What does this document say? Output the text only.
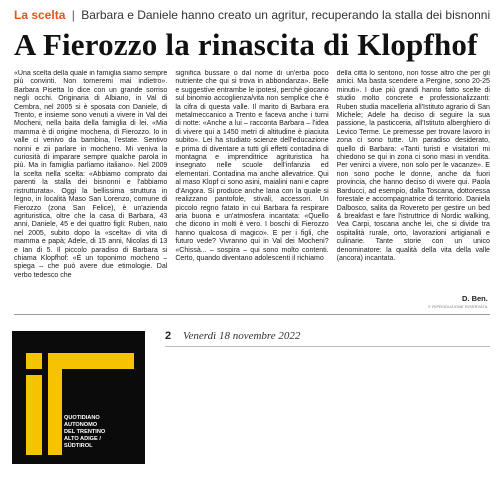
La scelta | Barbara e Daniele hanno creato un agritur, recuperando la stalla dei bisnonni
A Fierozzo la rinascita di Klopfhof
«Una scelta della quale in famiglia siamo sempre più convinti. Non torneremi mai indietro». Barbara Pisetta lo dice con un grande sorriso negli occhi. Originaria di Albiano, in Val di Cembra, nel 2005 si è sposata con Daniele, di Trento, e insieme sono venuti a vivere in Val dei Mocheni, nella baita della famiglia di lei. «Mia mamma è di origine mochena, di Fierozzo. Io in valle ci venivo da bambina, l'estate. Sentivo nonni e zii parlare in mocheno. Mi veniva la curiosità di imparare sempre qualche parola in più. Ma in famiglia parliamo italiano». Nel 2009 la scelta nella scelta: «Abbiamo comprato dai parenti la stalla dei bisnonni e l'abbiamo ristrutturata». Oggi la bellissima struttura in legno, in località Maso San Lorenzo, comune di Fierozzo (zona San Felice), è un'azienda agrituristica, oltre che la casa di Barbara, 43 anni, Daniele, 45 e dei quattro figli: Ruben, nato nel 2005, subito dopo la «scelta» di vita di mamma e papà; Adele, di 15 anni, Nicolas di 13 e Ian di 5. Il piccolo paradiso di Barbara si chiama Klopfhof: «È un toponimo mocheno – spiega – che può avere due etimologie. Dal verbo tedesco che
significa bussare o dal nome di un'erba poco nutriente che qui si trova in abbondanza». Belle e suggestive entrambe le ipotesi, perché giocano sul binomio accoglienza/vita non semplice che è la cifra di questa valle. Il marito di Barbara era metalmeccanico a Trento e faceva anche i turni di notte: «Anche a lui – racconta Barbara – l'idea di vivere qui a 1450 metri di altitudine è piaciuta subito». Lei ha studiato scienze dell'educazione e prima di diventare a tutti gli effetti contadina di montagna e imprenditrice agrituristica ha insegnato nelle scuole dell'infanzia ed elementari. Contadina ma anche allevatrice. Qui al maso Klopf ci sono asini, maialini nani e capre d'Angora. Si produce anche lana con la quale si realizzano pantofole, stivali, accessori. Un piccolo regno fatato in cui Barbara fa respirare aria buona e un'atmosfera incantata: «Quello che dicono in molti è vero. I boschi di Fierozzo hanno qualcosa di magico». E per i figli, che futuro vede? Vivranno qui in Val dei Mocheni? «Chissà... – sospira – qui sono molto contenti. Certo, quando diventano adolescenti il richiamo
della città lo sentono, non fosse altro che per gli amici. Ma basta scendere a Pergine, sono 20-25 minuti». I due più grandi hanno fatto scelte di studio molto concrete e professionalizzanti: Ruben studia macelleria all'Istituto agrario di San Michele; Adele ha deciso di seguire la sua passione, la pasticceria, all'Istituto alberghiero di Levico Terme. Le premesse per trovare lavoro in zona ci sono tutte. Un paradiso desiderato, quello di Barbara: «Tanti turisti e visitatori mi chiedono se qui in zona ci sono masi in vendita. Per venirci a vivere, non solo per le vacanze». E non sono poche le donne, anche da fuori provincia, che hanno deciso di vivere qui. Paola Barducci, ad esempio, dalla Toscana, dottoressa forestale e accompagnatrice di territorio. Daniela Dalbosco, salita da Rovereto per gestire un bed & breakfast e fare l'istruttrice di Nordic walking, Vea Carpi, toscana anche lei, che si divide tra ospitalità rurale, orto, lavorazioni artigianali e culinarie. Tante storie con un unico denominatore: la qualità della vita della valle (ancora) incantata.
D. Ben.
© RIPRODUZIONE RISERVATA
QUOTIDIANO
AUTONOMO
DEL TRENTINO
ALTO ADIGE /
SÜDTIROL
2 Venerdì 18 novembre 2022
